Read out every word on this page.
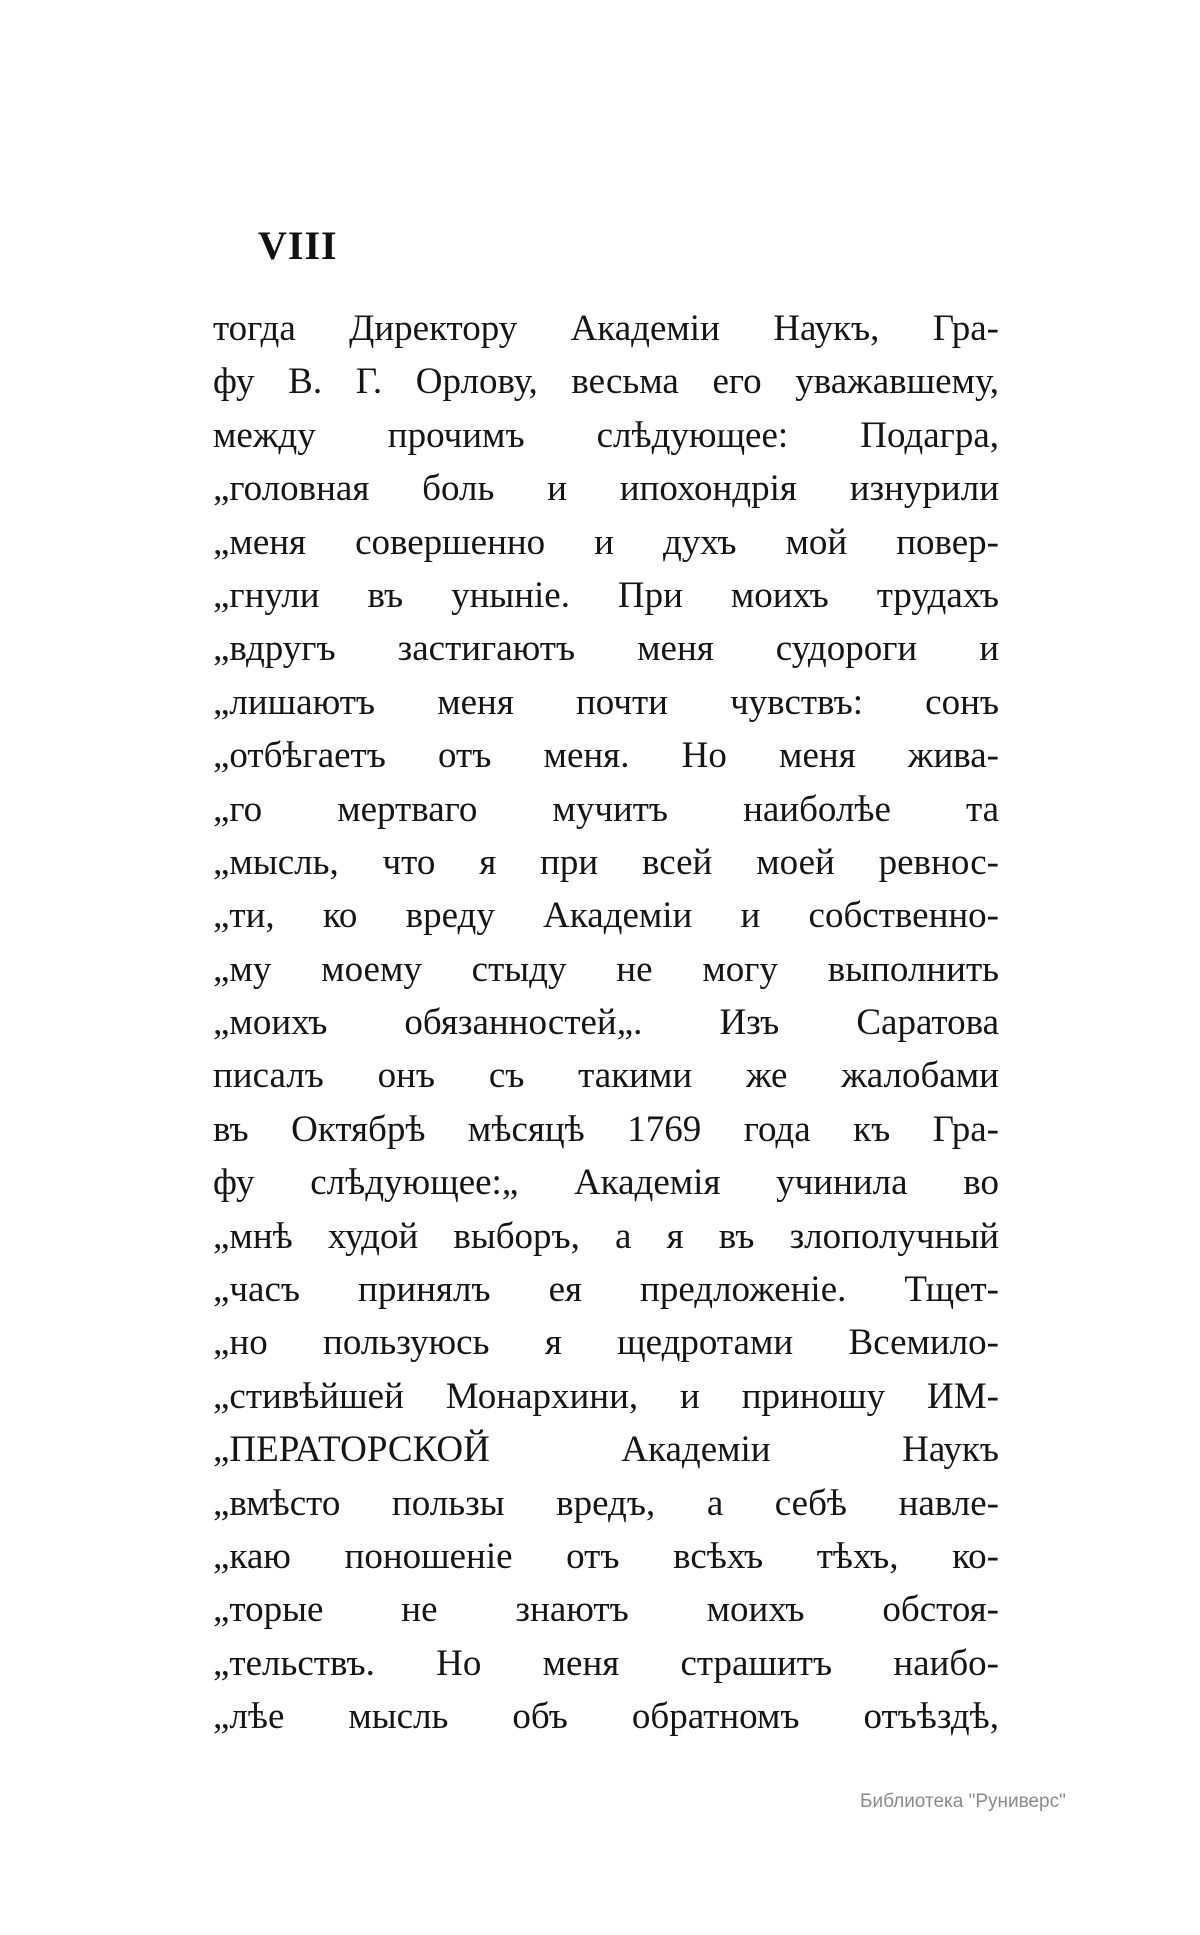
VIII
тогда Директору Академiи Наукъ, Гра-
фу В. Г. Орлову, весьма его уважавшему,
между прочимъ слѣдующее: Подагра,
„головная боль и ипохондрiя изнурили
„меня совершенно и духъ мой повер-
„гнули въ унынiе. При моихъ трудахъ
„вдругъ застигаютъ меня судороги и
„лишаютъ меня почти чувствъ: сонъ
„отбѣгаетъ отъ меня. Но меня жива-
„го мертваго мучитъ наиболѣе та
„мысль, что я при всей моей ревнос-
„ти, ко вреду Академiи и собственно-
„му моему стыду не могу выполнить
„моихъ обязанностей„. Изъ Саратова
писалъ онъ съ такими же жалобами
въ Октябрѣ мѣсяцѣ 1769 года къ Гра-
фу слѣдующее:„ Академiя учинила во
„мнѣ худой выборъ, а я въ злополучный
„часъ принялъ ея предложенiе. Тщет-
„но пользуюсь я щедротами Всемило-
„стивѣйшей Монархини, и приношу ИМ-
„ПЕРАТОРСКОЙ Академiи Наукъ
„вмѣсто пользы вредъ, а себѣ навле-
„каю поношенiе отъ всѣхъ тѣхъ, ко-
„торые не знаютъ моихъ обстоя-
„тельствъ. Но меня страшитъ наибо-
„лѣе мысль объ обратномъ отъѣздѣ,
Библиотека "Руниверс"
